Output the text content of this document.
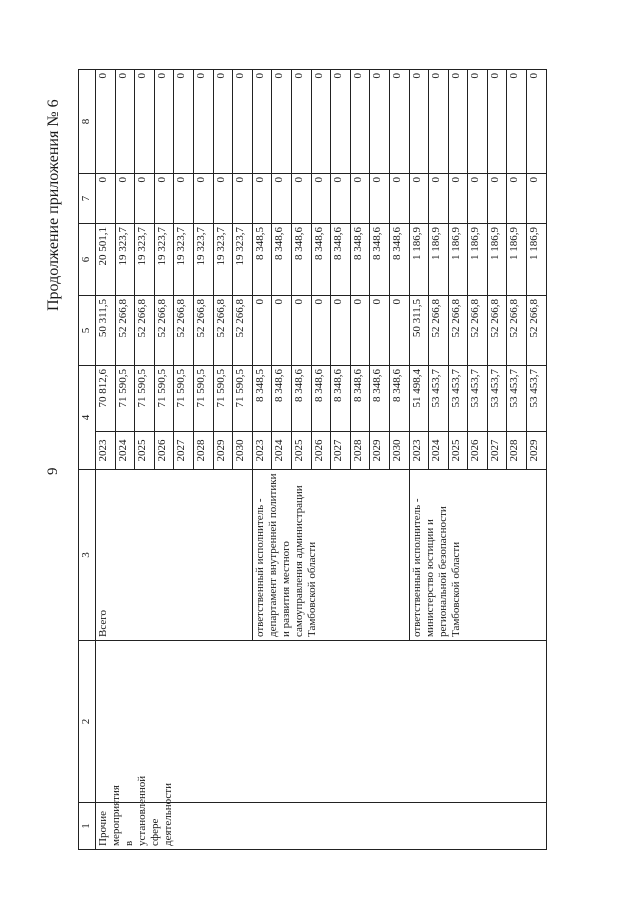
9
Продолжение приложения № 6
1	2	3	4		5	6	7	8
Прочие мероприятия в установленной сфере деятельности		Всего	2023	70 812,6	50 311,5	20 501,1	0	0
			2024	71 590,5	52 266,8	19 323,7	0	0
			2025	71 590,5	52 266,8	19 323,7	0	0
			2026	71 590,5	52 266,8	19 323,7	0	0
			2027	71 590,5	52 266,8	19 323,7	0	0
			2028	71 590,5	52 266,8	19 323,7	0	0
			2029	71 590,5	52 266,8	19 323,7	0	0
			2030	71 590,5	52 266,8	19 323,7	0	0
		ответственный исполнитель - департамент внутренней политики и развития местного самоуправления администрации Тамбовской области	2023	8 348,5	0	8 348,5	0	0
			2024	8 348,6	0	8 348,6	0	0
			2025	8 348,6	0	8 348,6	0	0
			2026	8 348,6	0	8 348,6	0	0
			2027	8 348,6	0	8 348,6	0	0
			2028	8 348,6	0	8 348,6	0	0
			2029	8 348,6	0	8 348,6	0	0
			2030	8 348,6	0	8 348,6	0	0
		ответственный исполнитель - министерство юстиции и региональной безопасности Тамбовской области	2023	51 498,4	50 311,5	1 186,9	0	0
			2024	53 453,7	52 266,8	1 186,9	0	0
			2025	53 453,7	52 266,8	1 186,9	0	0
			2026	53 453,7	52 266,8	1 186,9	0	0
			2027	53 453,7	52 266,8	1 186,9	0	0
			2028	53 453,7	52 266,8	1 186,9	0	0
			2029	53 453,7	52 266,8	1 186,9	0	0
